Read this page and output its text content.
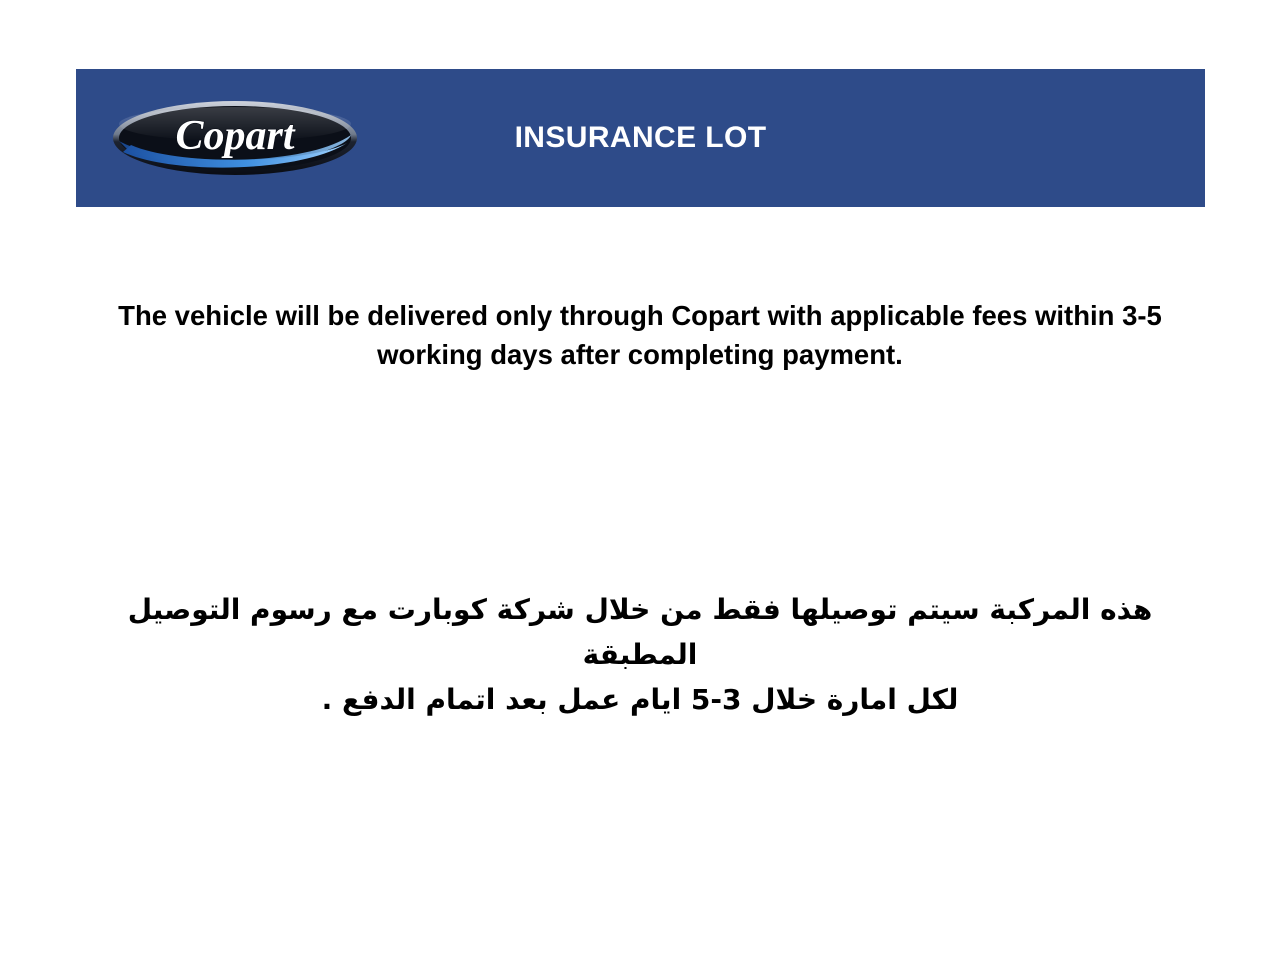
INSURANCE LOT
Copart
The vehicle will be delivered only through Copart with applicable fees within 3-5 working days after completing payment.
هذه المركبة سيتم توصيلها فقط من خلال شركة كوبارت مع رسوم التوصيل المطبقة
لكل امارة خلال 3-5 ايام عمل بعد اتمام الدفع .
